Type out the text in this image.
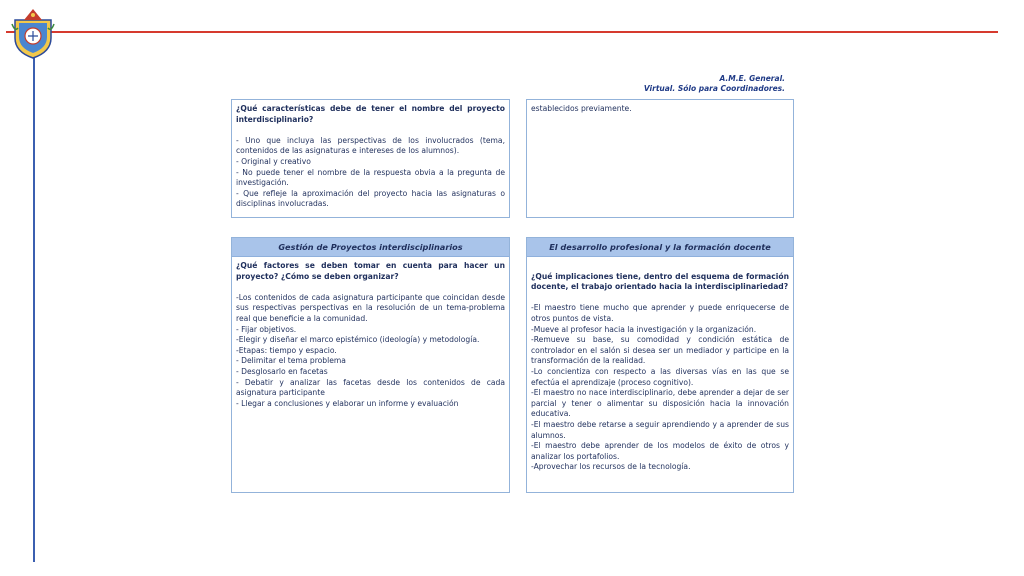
A.M.E. General.
Virtual. Sólo para Coordinadores.

¿Qué características debe de tener el nombre del proyecto interdisciplinario?

- Uno que incluya las perspectivas de los involucrados (tema, contenidos de las asignaturas e intereses de los alumnos).

- Original y creativo

- No puede tener el nombre de la respuesta obvia a la pregunta de investigación.

- Que refleje la aproximación del proyecto hacia las asignaturas o disciplinas involucradas.

establecidos previamente.

Gestión de Proyectos interdisciplinarios

¿Qué factores se deben tomar en cuenta para hacer un proyecto? ¿Cómo se deben organizar?

-Los contenidos de cada asignatura participante que coincidan desde sus respectivas perspectivas en la resolución de un tema-problema real que beneficie a la comunidad.

- Fijar objetivos.

-Elegir y diseñar el marco epistémico (ideología) y metodología.

-Etapas: tiempo y espacio.

- Delimitar el tema problema

- Desglosarlo en facetas

- Debatir y analizar las facetas desde los contenidos de cada asignatura participante

- Llegar a conclusiones y elaborar un informe y evaluación

El desarrollo profesional y la formación docente

¿Qué implicaciones tiene, dentro del esquema de formación docente, el trabajo orientado hacia la interdisciplinariedad?

-El maestro tiene mucho que aprender y puede enriquecerse de otros puntos de vista.

-Mueve al profesor hacia la investigación y la organización.

-Remueve su base, su comodidad y condición estática de controlador en el salón si desea ser un mediador y participe en la transformación de la realidad.

-Lo concientiza con respecto a las diversas vías en las que se efectúa el aprendizaje (proceso cognitivo).

-El maestro no nace interdisciplinario, debe aprender a dejar de ser parcial y tener o alimentar su disposición hacia la innovación educativa.

-El maestro debe retarse a seguir aprendiendo y a aprender de sus alumnos.

-El maestro debe aprender de los modelos de éxito de otros y analizar los portafolios.

-Aprovechar los recursos de la tecnología.
